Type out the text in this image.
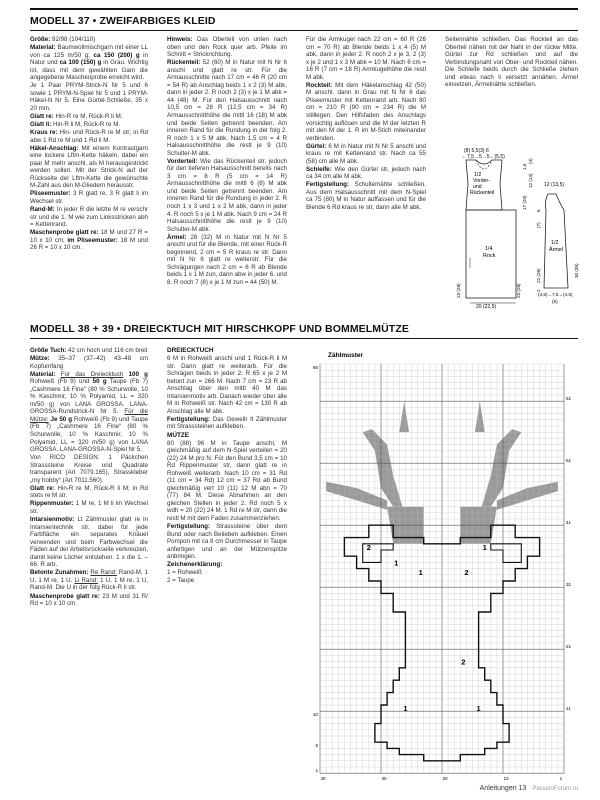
MODELL 37 • ZWEIFARBIGES KLEID

Größe: 92/98 (104/110)

Material: Baumwollmischgarn mit einer LL von ca 125 m/50 g: ca 150 (200) g in Natur und ca 100 (150) g in Grau. Wichtig ist, dass mit dem gewählten Garn die angegebene Maschenprobe erreicht wird.

Je 1 Paar PRYM-Strick-N Nr 5 und 6 sowie 1 PRYM-N-Spiel Nr 5 und 1 PRYM-Häkel-N Nr 5. Eine Gürtel-Schließe, 35 x 20 mm.

Glatt re: Hin-R re M, Rück-R li M.

Glatt li: Hin-R li M, Rück-R re M.

Kraus re: Hin- und Rück-R re M str; in Rd abw 1 Rd re M und 1 Rd li M.

Häkel-Anschlag: Mit einem Kontrastgarn eine lockere Lftm-Kette häkeln, dabei ein paar M mehr anschl, als M herausgestrickt werden sollen. Mit der Strick-N auf der Rückseite der Lftm-Kette die gewünschte M-Zahl aus den M-Gliedern herausstr.

Pliseemuster: 3 R glatt re, 3 R glatt li im Wechsel str.

Rand-M: In jeder R die letzte M re verschr str und die 1. M wie zum Linksstricken abh = Kettenrand.

Maschenprobe glatt re: 18 M und 27 R = 10 x 10 cm; im Pliseemuster: 18 M und 26 R = 10 x 10 cm.

Hinweis: Das Oberteil von unten nach oben und den Rock quer arb. Pfeile im Schnitt = Strickrichtung.

Rückenteil: 52 (60) M in Natur mit N Nr 6 anschl und glatt re str. Für die Armausschnitte nach 17 cm = 46 R (20 cm = 54 R) ab Anschlag beids 1 x 2 (3) M abk, dann in jeder 2. R noch 2 (3) x je 1 M abk = 44 (48) M. Für den Halsausschnitt nach 10,5 cm = 28 R (12,5 cm = 34 R) Armausschnitthöhe die mittl 16 (18) M abk und beide Seiten getrennt beenden. Am inneren Rand für die Rundung in der folg 2. R noch 1 x 5 M abk. Nach 1,5 cm = 4 R Halsausschnitthöhe die restl je 9 (10) Schulter-M abk.

Vorderteil: Wie das Rückenteil str, jedoch für den tieferen Halsausschnitt bereits nach 3 cm = 8 R (5 cm = 14 R) Armausschnitthöhe die mittl 6 (8) M abk und beide Seiten getrennt beenden. Am inneren Rand für die Rundung in jeder 2. R noch 1 x 3 und 1 x 2 M abk, dann in jeder 4. R noch 5 x je 1 M abk. Nach 9 cm = 24 R Halsausschnitthöhe die restl je 9 (10) Schulter-M abk.

Ärmel: 28 (32) M in Natur mit N Nr 5 anschl und für die Blende, mit einer Rück-R beginnend, 2 cm = 5 R kraus re str. Dann mit N Nr 6 glatt re weiterstr. Für die Schrägungen nach 2 cm = 6 R ab Blende beids 1 x 1 M zun, dann abw in jeder 6. und 8. R noch 7 (8) x je 1 M zun = 44 (50) M.

Für die Armkugel nach 22 cm = 60 R (26 cm = 70 R) ab Blende beids 1 x 4 (5) M abk, dann in jeder 2. R noch 2 x je 3, 2 (3) x je 2 und 1 x 3 M abk = 10 M. Nach 6 cm = 16 R (7 cm = 18 R) Armkugelhöhe die restl M abk.

Rockteil: Mit dem Häkelanschlag 42 (50) M anschl, dann in Grau mit N Nr 6 das Pliseemuster mit Kettenrand arb. Nach 80 cm = 210 R (90 cm = 234 R) die M stilllegen. Den Hilfsfaden des Anschlags vorsichtig auflösen und die M der letzten R mit den M der 1. R im M-Stich miteinander verbinden.

Gürtel: 6 M in Natur mit N Nr 5 anschl und kraus re mit Kettenrand str. Nach ca 55 (58) cm alle M abk.

Schleife: Wie den Gürtel str, jedoch nach ca 34 cm alle M abk.

Fertigstellung: Schultemähte schließen. Aus dem Halsausschnitt mit dem N-Spiel ca 75 (80) M in Natur auffassen und für die Blende 6 Rd kraus re str, dann alle M abk.

Seitennähte schließen. Das Rockteil an das Oberteil nähen mit der Naht in der rückw Mitte. Gürtel zur Rd schließen und auf die Verbindungsnaht von Ober- und Rockteil nähen. Die Schleife beids durch die Schließe ziehen und etwas nach li versetzt annähen. Ärmel einsetzen, Ärmelnähte schließen.

(8) 5,5(3) 6
←7,5→5→5←(5,5)
1/2 Vorder- und Rückenteil
1/4 Rock
1/2 Ärmel
20 (22,5)
12 (13,5)
(4,5)←7.5→(4,5)
(9)
23 (28)	23 (28)
17 (20)
12 (14)
1,5
(4)
30 (35)
22 (26)
(7)
6
2
MODELL 38 + 39 • DREIECKTUCH MIT HIRSCHKOPF UND BOMMELMÜTZE

Größe Tuch: 42 cm hoch und 116 cm breit

Mütze: 35–37 (37–42) 43–48 cm Kopfumfang

Material: Für das Dreiecktuch 100 g Rohweiß (Fb 9) und 50 g Taupe (Fb 7) „Cashmere 16 Fine“ (80 % Schurwolle, 10 % Kaschmir, 10 % Polyamid, LL = 320 m/50 g) von LANA GROSSA. LANA-GROSSA-Rundstrick-N Nr 5. Für die Mütze: Je 50 g Rohweiß (Fb 9) und Taupe (Fb 7) „Cashmere 16 Fine“ (80 % Schurwolle, 10 % Kaschmir, 10 % Polyamid, LL = 320 m/50 g) von LANA GROSSA. LANA-GROSSA-N-Spiel Nr 5.

Von RICO DESIGN: 1 Päckchen Strasssteine Kreise und Quadrate transparent (Art 7079.165), Strasskleber „my hobby“ (Art 7011.560).

Glatt re: Hin-R re M, Rück-R li M; in Rd stets re M str.

Rippenmuster: 1 M re, 1 M li im Wechsel str.

Intarsienmotiv: Lt Zählmuster glatt re in Intarsientechnik str, dabei für jede Farbfläche ein separates Knäuel verwenden und beim Farbwechsel die Fäden auf der Arbeitsrückseite verkreuzen, damit keine Löcher entstehen. 1 x die 1. – 66. R arb.

Betonte Zunahmen: Re Rand: Rand-M, 1 U, 1 M re, 1 U. Li Rand: 1 U, 1 M re, 1 U, Rand-M. Die U in der folg Rück-R li str.

Maschenprobe glatt re: 23 M und 31 R/ Rd = 10 x 10 cm.

DREIECKTUCH

6 M in Rohweiß anschl und 1 Rück-R li M str. Dann glatt re weiterarb. Für die Schrägen beids in jeder 2. R 65 x je 2 M betont zun = 266 M. Nach 7 cm = 23 R ab Anschlag über den mittl 40 M das Intarsienmotiv arb. Danach wieder über alle M in Rohweiß str. Nach 42 cm = 130 R ab Anschlag alle M abk.

Fertigstellung: Das Geweih lt Zählmuster mit Strasssteinen aufkleben.

MÜTZE

80 (88) 96 M in Taupe anschl, M gleichmäßig auf dem N-Spiel verteilen = 20 (22) 24 M pro N. Für den Bund 3,5 cm = 10 Rd Rippenmuster str, dann glatt re in Rohweiß weiterarb. Nach 10 cm = 31 Rd (11 cm = 34 Rd) 12 cm = 37 Rd ab Bund gleichmäßig vert 10 (11) 12 M abn = 70 (77) 84 M. Diese Abnahmen an den gleichen Stellen in jeder 2. Rd noch 5 x wdh = 20 (22) 24 M. 1 Rd re M str, dann die restl M mit dem Faden zusammenziehen.

Fertigstellung: Strasssteine über dem Bund oder nach Belieben aufkleben. Einen Pompon mit ca 8 cm Durchmesser in Taupe anfertigen und an der Mützenspitze anbringen.

Zeichenerklärung:

1 = Rohweiß

2 = Taupe

Zählmuster
66
61
51
41
31
21
11
10
5
1
40	30	20	10	1
1
2
1	2
1
2
1	1
Anleitungen 13 PassionForum.ru
